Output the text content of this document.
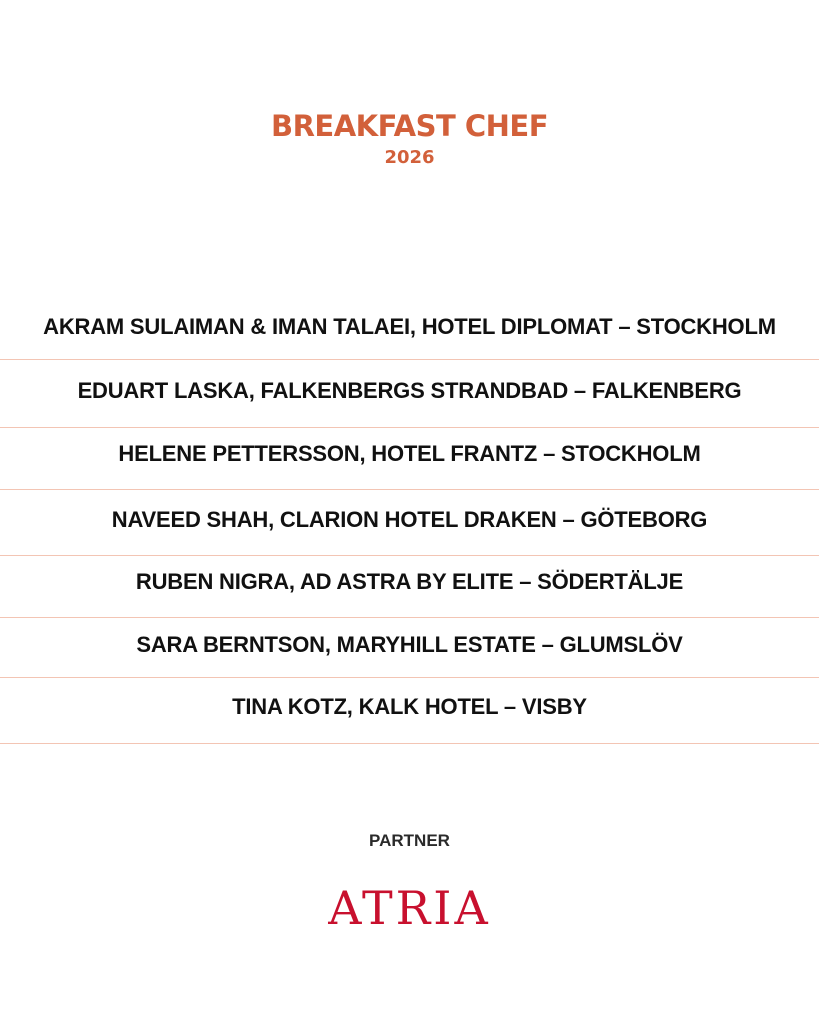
BREAKFAST CHEF
2026
AKRAM SULAIMAN & IMAN TALAEI, HOTEL DIPLOMAT – STOCKHOLM
EDUART LASKA, FALKENBERGS STRANDBAD – FALKENBERG
HELENE PETTERSSON, HOTEL FRANTZ – STOCKHOLM
NAVEED SHAH, CLARION HOTEL DRAKEN – GÖTEBORG
RUBEN NIGRA, AD ASTRA BY ELITE – SÖDERTÄLJE
SARA BERNTSON, MARYHILL ESTATE – GLUMSLÖV
TINA KOTZ, KALK HOTEL – VISBY
PARTNER
ATRIA
